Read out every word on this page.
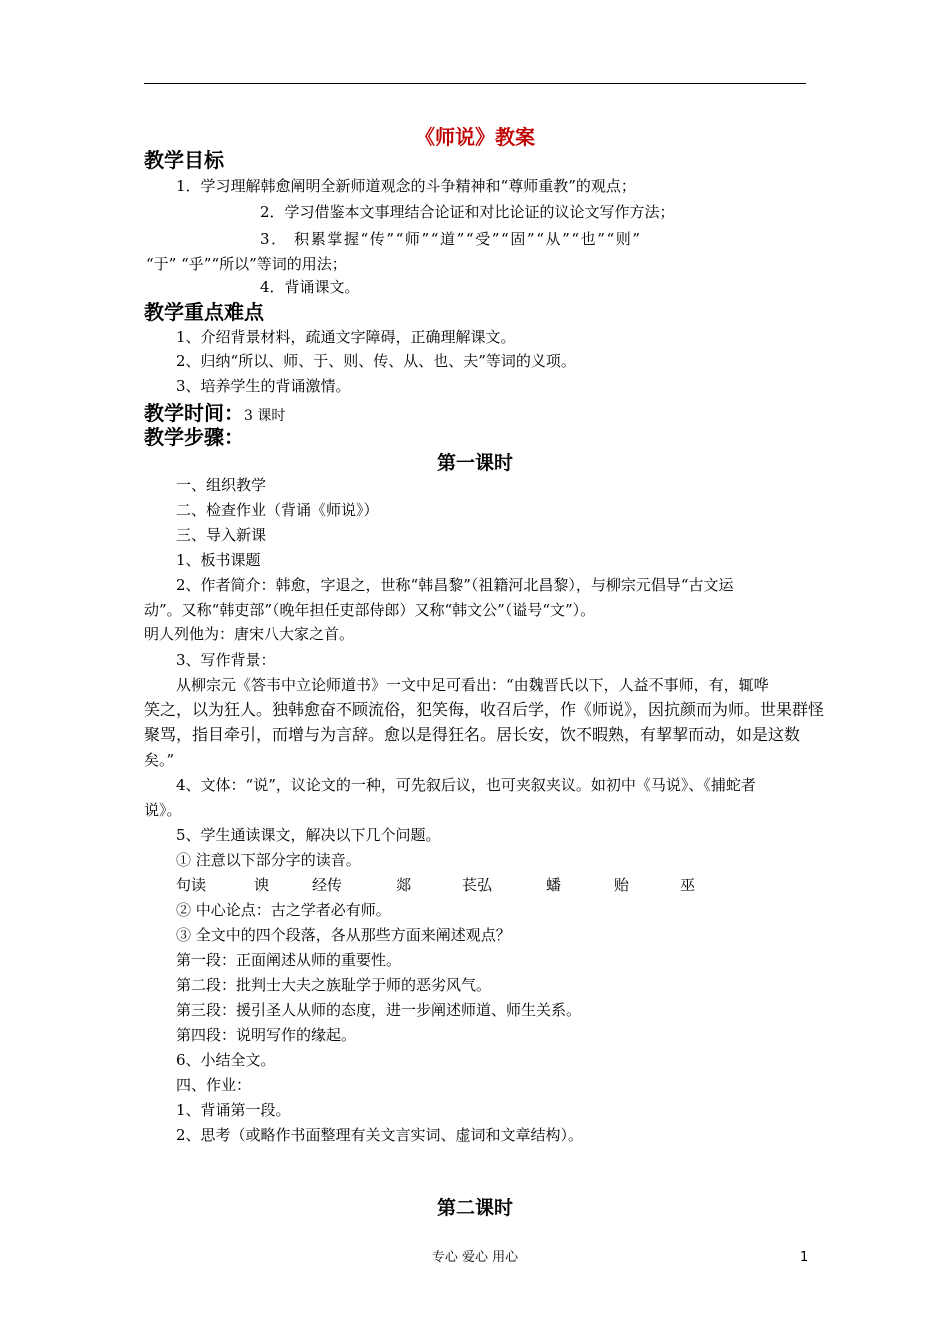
《师说》教案
教学目标
1．学习理解韩愈阐明全新师道观念的斗争精神和“尊师重教”的观点；
2．学习借鉴本文事理结合论证和对比论证的议论文写作方法；
3． 积累掌握“传”“师”“道”“受”“固”“从”“也”“则”
“于” “乎”“所以”等词的用法；
4．背诵课文。
教学重点难点
1、介绍背景材料，疏通文字障碍，正确理解课文。
2、归纳“所以、师、于、则、传、从、也、夫”等词的义项。
3、培养学生的背诵激情。
教学时间：3 课时
教学步骤：
第一课时
一、组织教学
二、检查作业（背诵《师说》）
三、导入新课
1、板书课题
2、作者简介：韩愈，字退之，世称“韩昌黎”（祖籍河北昌黎），与柳宗元倡导“古文运
动”。又称“韩吏部”（晚年担任吏部侍郎）又称“韩文公”（谥号“文”）。
明人列他为：唐宋八大家之首。
3、写作背景：
从柳宗元《答韦中立论师道书》一文中足可看出：“由魏晋氏以下，人益不事师，有，辄哗
笑之，以为狂人。独韩愈奋不顾流俗，犯笑侮，收召后学，作《师说》，因抗颜而为师。世果群怪
聚骂，指目牵引，而增与为言辞。愈以是得狂名。居长安，饮不暇熟，有挈挈而动，如是这数
矣。”
4、文体：“说”，议论文的一种，可先叙后议，也可夹叙夹议。如初中《马说》、《捕蛇者
说》。
5、学生通读课文，解决以下几个问题。
① 注意以下部分字的读音。
句读	谀	经传	郯	苌弘	蟠	贻	巫
② 中心论点：古之学者必有师。
③ 全文中的四个段落，各从那些方面来阐述观点？
第一段：正面阐述从师的重要性。
第二段：批判士大夫之族耻学于师的恶劣风气。
第三段：援引圣人从师的态度，进一步阐述师道、师生关系。
第四段：说明写作的缘起。
6、小结全文。
四、作业：
1、背诵第一段。
2、思考（或略作书面整理有关文言实词、虚词和文章结构）。
第二课时
专心 爱心 用心	1
